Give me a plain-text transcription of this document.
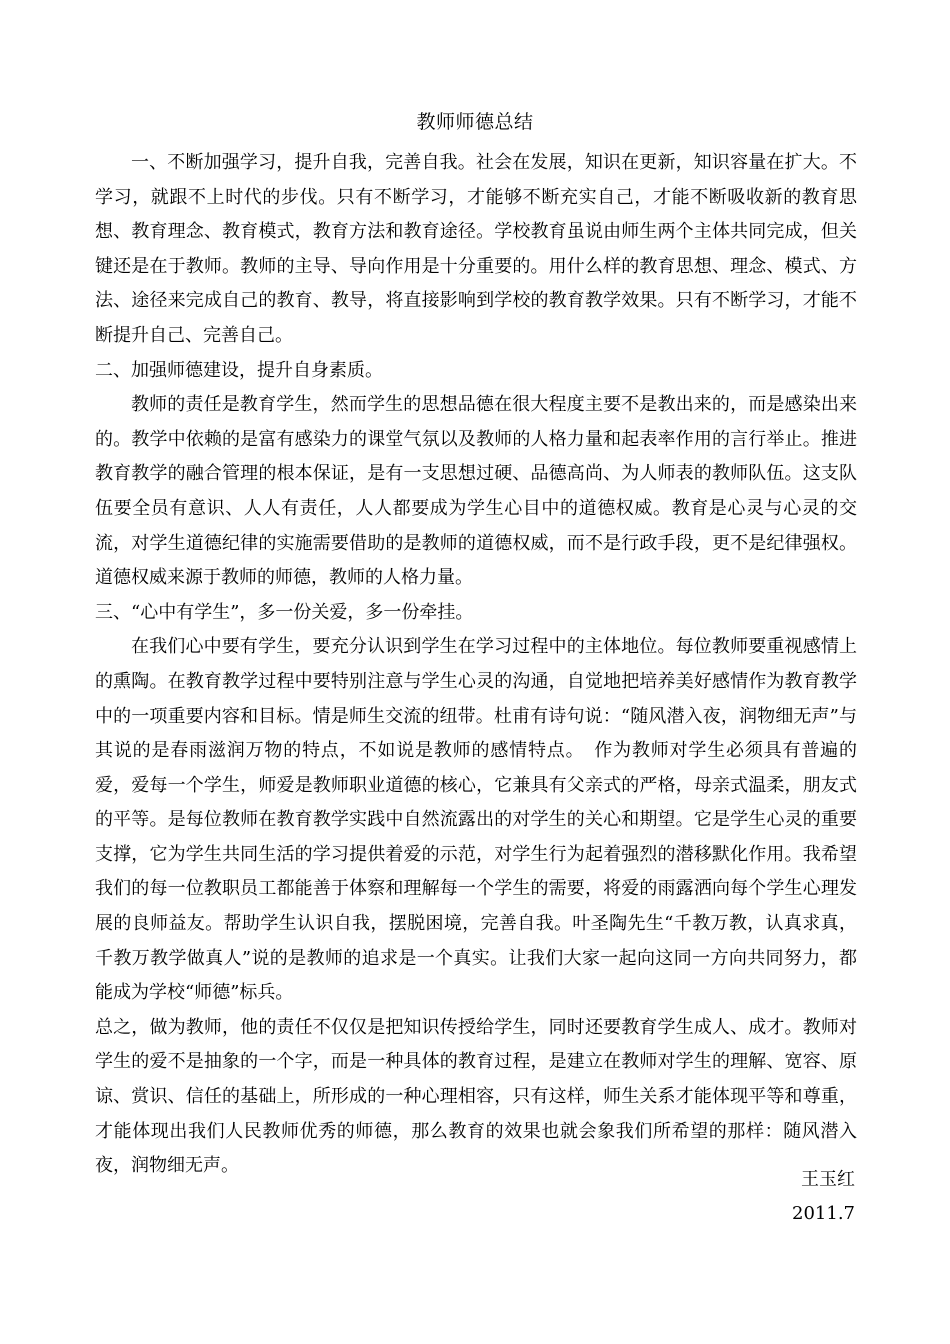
教师师德总结

一、不断加强学习，提升自我，完善自我。社会在发展，知识在更新，知识容量在扩大。不学习，就跟不上时代的步伐。只有不断学习，才能够不断充实自己，才能不断吸收新的教育思想、教育理念、教育模式，教育方法和教育途径。学校教育虽说由师生两个主体共同完成，但关键还是在于教师。教师的主导、导向作用是十分重要的。用什么样的教育思想、理念、模式、方法、途径来完成自己的教育、教导，将直接影响到学校的教育教学效果。只有不断学习，才能不断提升自己、完善自己。

二、加强师德建设，提升自身素质。

教师的责任是教育学生，然而学生的思想品德在很大程度主要不是教出来的，而是感染出来的。教学中依赖的是富有感染力的课堂气氛以及教师的人格力量和起表率作用的言行举止。推进教育教学的融合管理的根本保证，是有一支思想过硬、品德高尚、为人师表的教师队伍。这支队伍要全员有意识、人人有责任，人人都要成为学生心目中的道德权威。教育是心灵与心灵的交流，对学生道德纪律的实施需要借助的是教师的道德权威，而不是行政手段，更不是纪律强权。道德权威来源于教师的师德，教师的人格力量。

三、“心中有学生”，多一份关爱，多一份牵挂。

在我们心中要有学生，要充分认识到学生在学习过程中的主体地位。每位教师要重视感情上的熏陶。在教育教学过程中要特别注意与学生心灵的沟通，自觉地把培养美好感情作为教育教学中的一项重要内容和目标。情是师生交流的纽带。杜甫有诗句说：“随风潜入夜，润物细无声”与其说的是春雨滋润万物的特点，不如说是教师的感情特点。　作为教师对学生必须具有普遍的爱，爱每一个学生，师爱是教师职业道德的核心，它兼具有父亲式的严格，母亲式温柔，朋友式的平等。是每位教师在教育教学实践中自然流露出的对学生的关心和期望。它是学生心灵的重要支撑，它为学生共同生活的学习提供着爱的示范，对学生行为起着强烈的潜移默化作用。我希望我们的每一位教职员工都能善于体察和理解每一个学生的需要，将爱的雨露洒向每个学生心理发展的良师益友。帮助学生认识自我，摆脱困境，完善自我。叶圣陶先生“千教万教，认真求真，千教万教学做真人”说的是教师的追求是一个真实。让我们大家一起向这同一方向共同努力，都能成为学校“师德”标兵。

总之，做为教师，他的责任不仅仅是把知识传授给学生，同时还要教育学生成人、成才。教师对学生的爱不是抽象的一个字，而是一种具体的教育过程，是建立在教师对学生的理解、宽容、原谅、赏识、信任的基础上，所形成的一种心理相容，只有这样，师生关系才能体现平等和尊重，才能体现出我们人民教师优秀的师德，那么教育的效果也就会象我们所希望的那样：随风潜入夜，润物细无声。

王玉红
2011.7
